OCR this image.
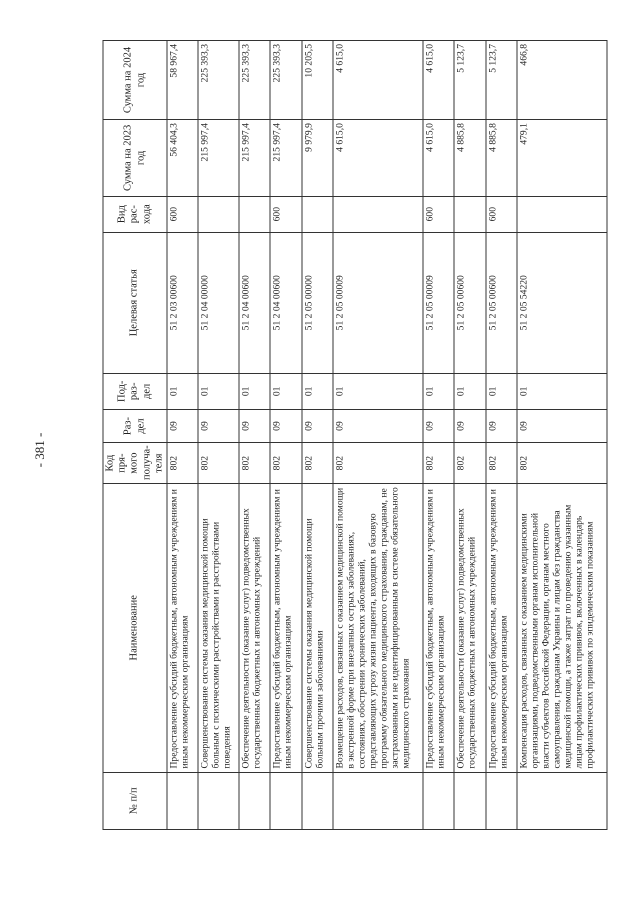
- 381 -
№ п/п	Наименование	Код пря- мого получа- теля	Раз- дел	Под- раз- дел	Целевая статья	Вид рас- хода	Сумма на 2023 год	Сумма на 2024 год
	Предоставление субсидий бюджетным, автономным учреждениям и иным некоммерческим организациям	802	09	01	51 2 03 00600	600	56 404,3	58 967,4
	Совершенствование системы оказания медицинской помощи больным с психическими расстройствами и расстройствами поведения	802	09	01	51 2 04 00000		215 997,4	225 393,3
	Обеспечение деятельности (оказание услуг) подведомственных государственных бюджетных и автономных учреждений	802	09	01	51 2 04 00600		215 997,4	225 393,3
	Предоставление субсидий бюджетным, автономным учреждениям и иным некоммерческим организациям	802	09	01	51 2 04 00600	600	215 997,4	225 393,3
	Совершенствование системы оказания медицинской помощи больным прочими заболеваниями	802	09	01	51 2 05 00000		9 979,9	10 205,5
	Возмещение расходов, связанных с оказанием медицинской помощи в экстренной форме при внезапных острых заболеваниях, состояниях, обострении хронических заболеваний, представляющих угрозу жизни пациента, входящих в базовую программу обязательного медицинского страхования, гражданам, не застрахованным и не идентифицированным в системе обязательного медицинского страхования	802	09	01	51 2 05 00009		4 615,0	4 615,0
	Предоставление субсидий бюджетным, автономным учреждениям и иным некоммерческим организациям	802	09	01	51 2 05 00009	600	4 615,0	4 615,0
	Обеспечение деятельности (оказание услуг) подведомственных государственных бюджетных и автономных учреждений	802	09	01	51 2 05 00600		4 885,8	5 123,7
	Предоставление субсидий бюджетным, автономным учреждениям и иным некоммерческим организациям	802	09	01	51 2 05 00600	600	4 885,8	5 123,7
	Компенсация расходов, связанных с оказанием медицинскими организациями, подведомственными органам исполнительной власти субъектов Российской Федерации, органам местного самоуправления, гражданам Украины и лицам без гражданства медицинской помощи, а также затрат по проведению указанным лицам профилактических прививок, включенных в календарь профилактических прививок по эпидемическим показаниям	802	09	01	51 2 05 54220		479,1	466,8
